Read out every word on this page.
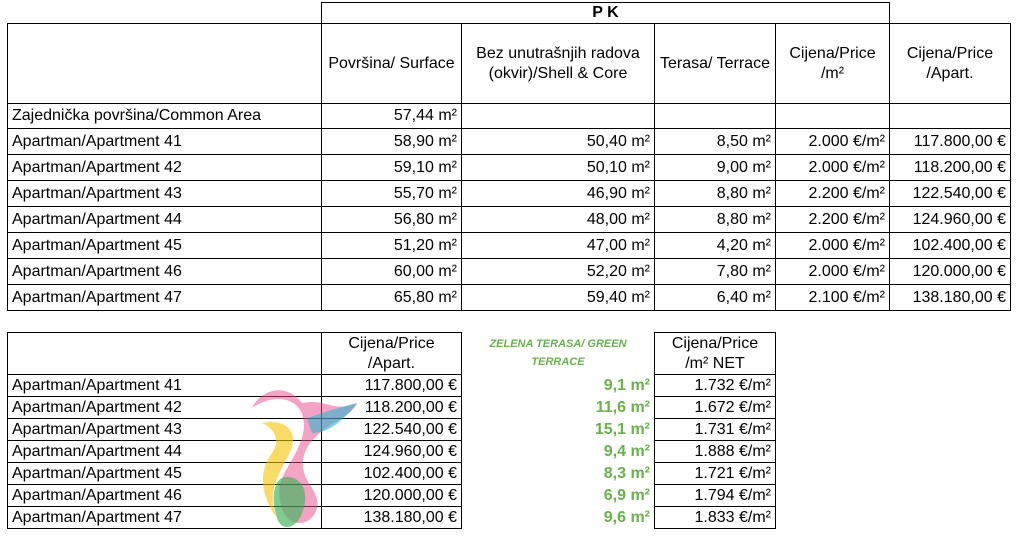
	P K				
	Površina/ Surface	Bez unutrašnjih radova (okvir)/Shell & Core	Terasa/ Terrace	Cijena/Price /m²	Cijena/Price /Apart.
Zajednička površina/Common Area	57,44 m²				
Apartman/Apartment 41	58,90 m²	50,40 m²	8,50 m²	2.000 €/m²	117.800,00 €
Apartman/Apartment 42	59,10 m²	50,10 m²	9,00 m²	2.000 €/m²	118.200,00 €
Apartman/Apartment 43	55,70 m²	46,90 m²	8,80 m²	2.200 €/m²	122.540,00 €
Apartman/Apartment 44	56,80 m²	48,00 m²	8,80 m²	2.200 €/m²	124.960,00 €
Apartman/Apartment 45	51,20 m²	47,00 m²	4,20 m²	2.000 €/m²	102.400,00 €
Apartman/Apartment 46	60,00 m²	52,20 m²	7,80 m²	2.000 €/m²	120.000,00 €
Apartman/Apartment 47	65,80 m²	59,40 m²	6,40 m²	2.100 €/m²	138.180,00 €
	Cijena/Price /Apart.	ZELENA TERASA/ GREEN TERRACE	Cijena/Price /m² NET
Apartman/Apartment 41	117.800,00 €	9,1 m²	1.732 €/m²
Apartman/Apartment 42	118.200,00 €	11,6 m²	1.672 €/m²
Apartman/Apartment 43	122.540,00 €	15,1 m²	1.731 €/m²
Apartman/Apartment 44	124.960,00 €	9,4 m²	1.888 €/m²
Apartman/Apartment 45	102.400,00 €	8,3 m²	1.721 €/m²
Apartman/Apartment 46	120.000,00 €	6,9 m²	1.794 €/m²
Apartman/Apartment 47	138.180,00 €	9,6 m²	1.833 €/m²
